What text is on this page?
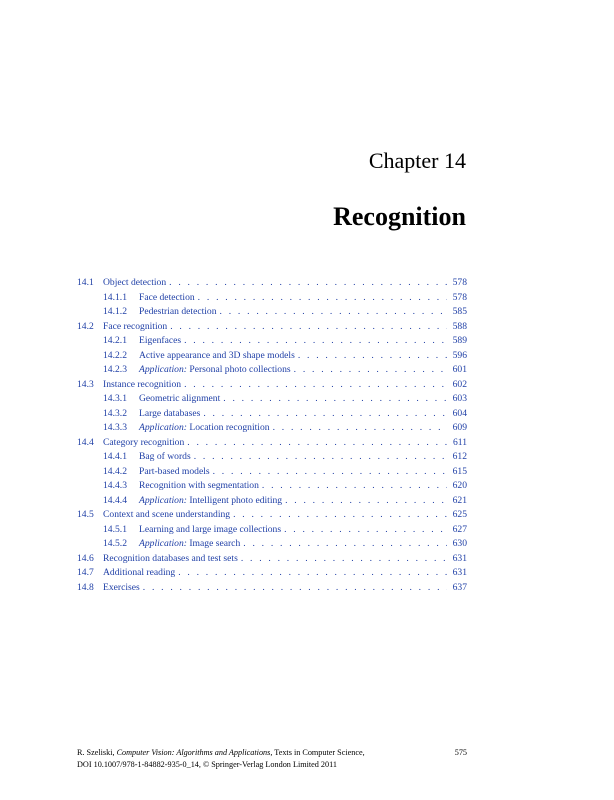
Chapter 14
Recognition
14.1 Object detection . . .	578
14.1.1	Face detection . . .	578
14.1.2	Pedestrian detection . . .	585
14.2 Face recognition . . .	588
14.2.1	Eigenfaces . . .	589
14.2.2	Active appearance and 3D shape models . . .	596
14.2.3	Application: Personal photo collections . . .	601
14.3 Instance recognition . . .	602
14.3.1	Geometric alignment . . .	603
14.3.2	Large databases . . .	604
14.3.3	Application: Location recognition . . .	609
14.4 Category recognition . . .	611
14.4.1	Bag of words . . .	612
14.4.2	Part-based models . . .	615
14.4.3	Recognition with segmentation . . .	620
14.4.4	Application: Intelligent photo editing . . .	621
14.5 Context and scene understanding . . .	625
14.5.1	Learning and large image collections . . .	627
14.5.2	Application: Image search . . .	630
14.6 Recognition databases and test sets . . .	631
14.7 Additional reading . . .	631
14.8 Exercises . . .	637
R. Szeliski, Computer Vision: Algorithms and Applications, Texts in Computer Science,	575
DOI 10.1007/978-1-84882-935-0_14, © Springer-Verlag London Limited 2011
